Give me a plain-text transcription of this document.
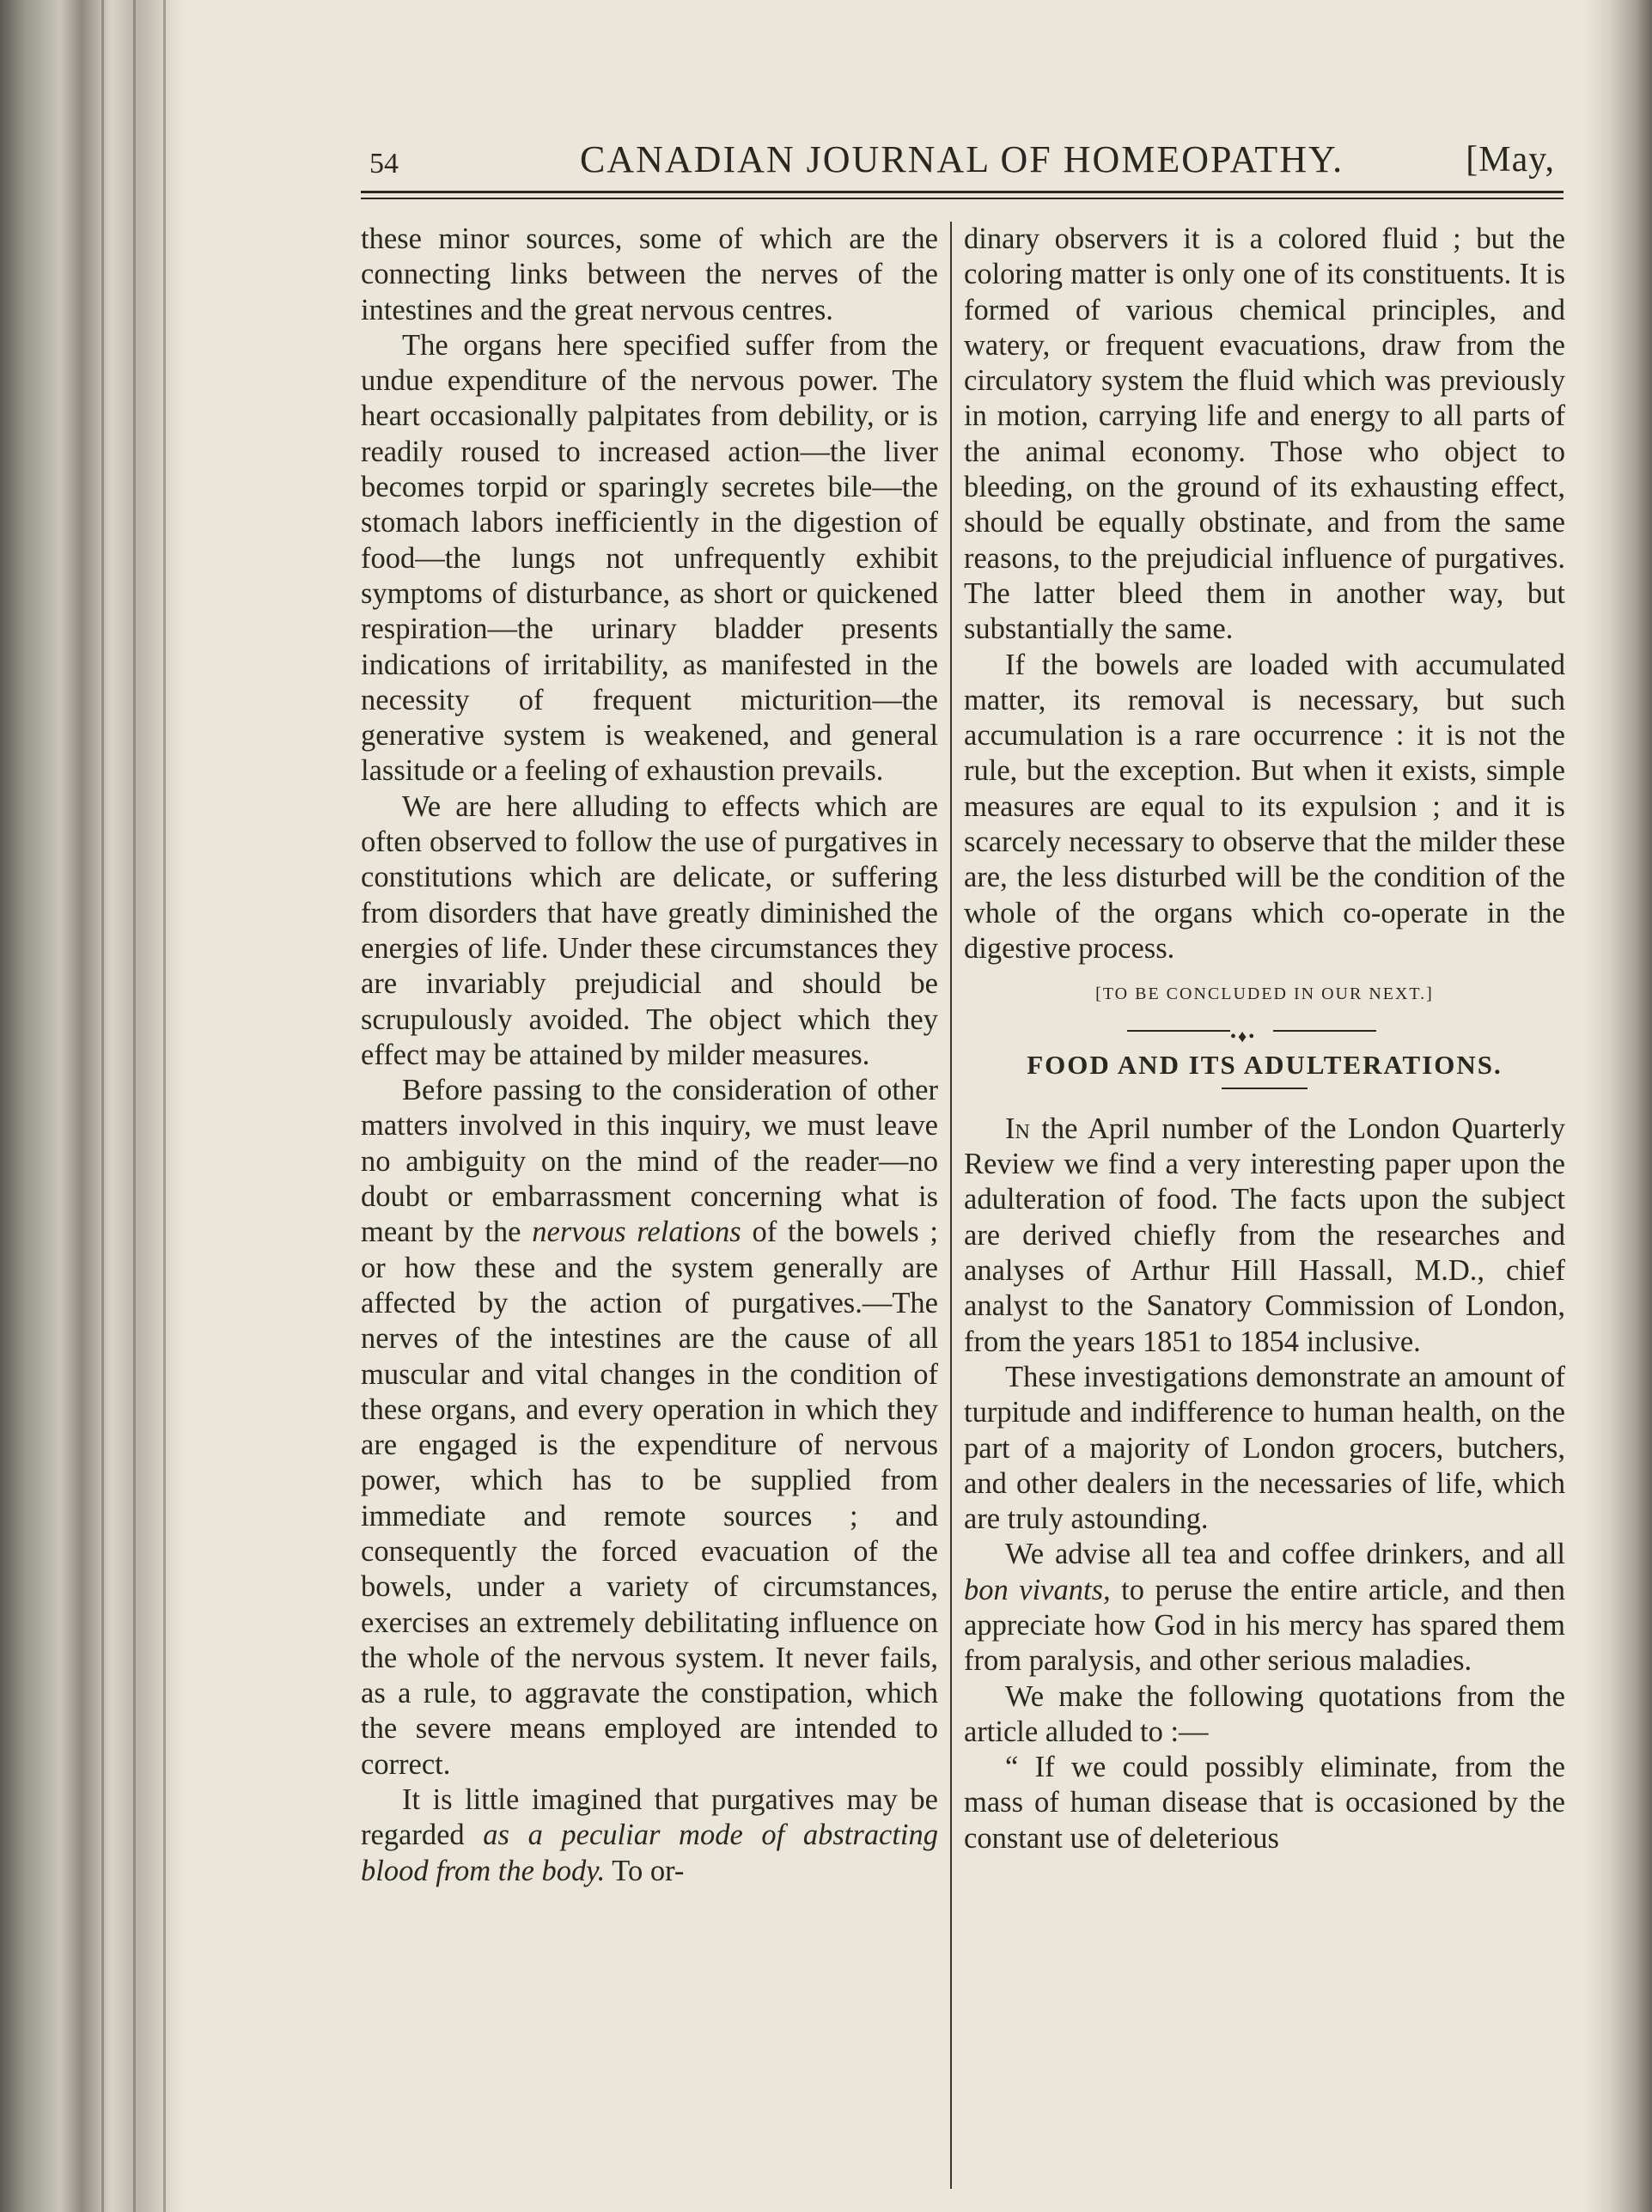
54	CANADIAN JOURNAL OF HOMEOPATHY.	[May,

these minor sources, some of which are the connecting links between the nerves of the intestines and the great nervous centres.

The organs here specified suffer from the undue expenditure of the nervous power. The heart occasionally palpitates from debility, or is readily roused to increased action—the liver becomes torpid or sparingly secretes bile—the stomach labors inefficiently in the digestion of food—the lungs not unfrequently exhibit symptoms of disturbance, as short or quickened respiration—the urinary bladder presents indications of irritability, as manifested in the necessity of frequent micturition—the generative system is weakened, and general lassitude or a feeling of exhaustion prevails.

We are here alluding to effects which are often observed to follow the use of purgatives in constitutions which are delicate, or suffering from disorders that have greatly diminished the energies of life. Under these circumstances they are invariably prejudicial and should be scrupulously avoided. The object which they effect may be attained by milder measures.

Before passing to the consideration of other matters involved in this inquiry, we must leave no ambiguity on the mind of the reader—no doubt or embarrassment concerning what is meant by the nervous relations of the bowels ; or how these and the system generally are affected by the action of purgatives.—The nerves of the intestines are the cause of all muscular and vital changes in the condition of these organs, and every operation in which they are engaged is the expenditure of nervous power, which has to be supplied from immediate and remote sources ; and consequently the forced evacuation of the bowels, under a variety of circumstances, exercises an extremely debilitating influence on the whole of the nervous system. It never fails, as a rule, to aggravate the constipation, which the severe means employed are intended to correct.

It is little imagined that purgatives may be regarded as a peculiar mode of abstracting blood from the body. To or-

dinary observers it is a colored fluid ; but the coloring matter is only one of its constituents. It is formed of various chemical principles, and watery, or frequent evacuations, draw from the circulatory system the fluid which was previously in motion, carrying life and energy to all parts of the animal economy. Those who object to bleeding, on the ground of its exhausting effect, should be equally obstinate, and from the same reasons, to the prejudicial influence of purgatives. The latter bleed them in another way, but substantially the same.

If the bowels are loaded with accumulated matter, its removal is necessary, but such accumulation is a rare occurrence : it is not the rule, but the exception. But when it exists, simple measures are equal to its expulsion ; and it is scarcely necessary to observe that the milder these are, the less disturbed will be the condition of the whole of the organs which co-operate in the digestive process.

[TO BE CONCLUDED IN OUR NEXT.]
•♦•
FOOD AND ITS ADULTERATIONS.

In the April number of the London Quarterly Review we find a very interesting paper upon the adulteration of food. The facts upon the subject are derived chiefly from the researches and analyses of Arthur Hill Hassall, M.D., chief analyst to the Sanatory Commission of London, from the years 1851 to 1854 inclusive.

These investigations demonstrate an amount of turpitude and indifference to human health, on the part of a majority of London grocers, butchers, and other dealers in the necessaries of life, which are truly astounding.

We advise all tea and coffee drinkers, and all bon vivants, to peruse the entire article, and then appreciate how God in his mercy has spared them from paralysis, and other serious maladies.

We make the following quotations from the article alluded to :—

“ If we could possibly eliminate, from the mass of human disease that is occasioned by the constant use of deleterious
